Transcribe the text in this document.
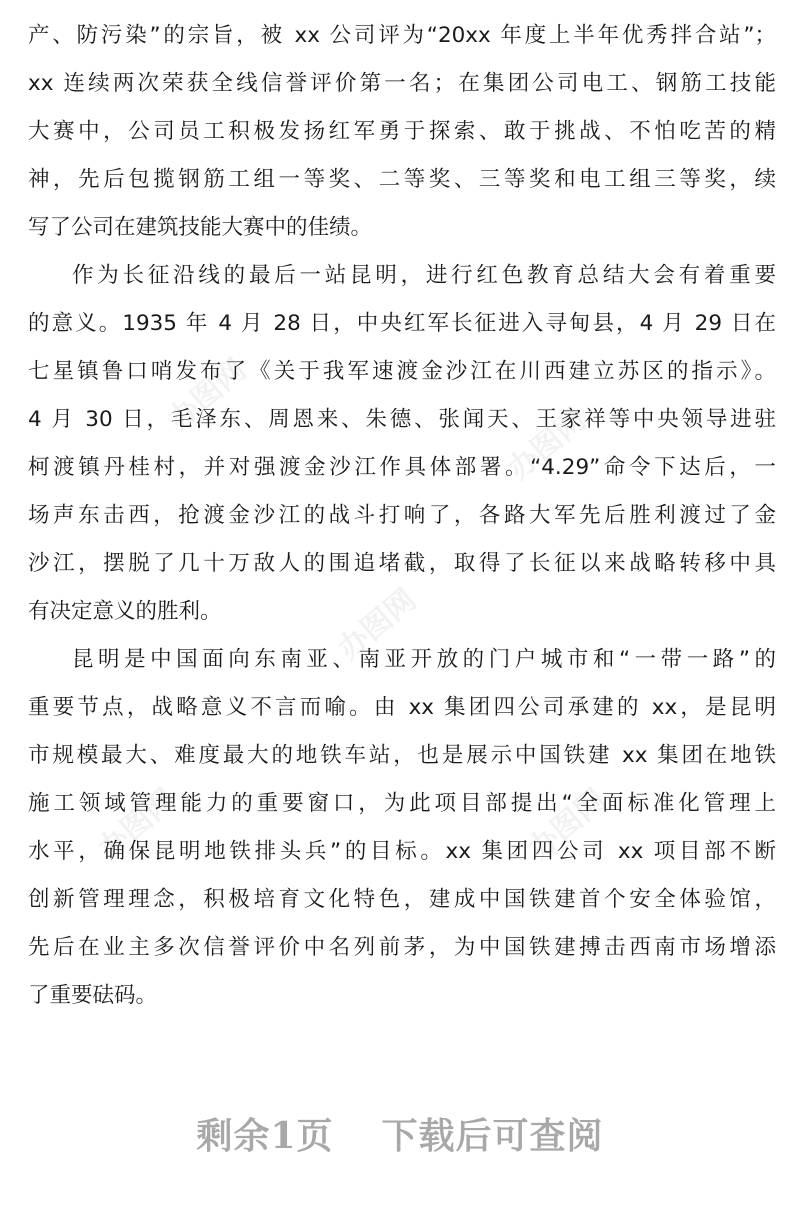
办图网
办图网
办图网
办图网	办图网
产、防污染”的宗旨，被 xx 公司评为“20xx 年度上半年优秀拌合站”；
xx 连续两次荣获全线信誉评价第一名；在集团公司电工、钢筋工技能
大赛中，公司员工积极发扬红军勇于探索、敢于挑战、不怕吃苦的精
神，先后包揽钢筋工组一等奖、二等奖、三等奖和电工组三等奖，续
写了公司在建筑技能大赛中的佳绩。
作为长征沿线的最后一站昆明，进行红色教育总结大会有着重要
的意义。1935 年 4 月 28 日，中央红军长征进入寻甸县，4 月 29 日在
七星镇鲁口哨发布了《关于我军速渡金沙江在川西建立苏区的指示》。
4 月 30 日，毛泽东、周恩来、朱德、张闻天、王家祥等中央领导进驻
柯渡镇丹桂村，并对强渡金沙江作具体部署。“4.29”命令下达后，一
场声东击西，抢渡金沙江的战斗打响了，各路大军先后胜利渡过了金
沙江，摆脱了几十万敌人的围追堵截，取得了长征以来战略转移中具
有决定意义的胜利。
昆明是中国面向东南亚、南亚开放的门户城市和“一带一路”的
重要节点，战略意义不言而喻。由 xx 集团四公司承建的 xx，是昆明
市规模最大、难度最大的地铁车站，也是展示中国铁建 xx 集团在地铁
施工领域管理能力的重要窗口，为此项目部提出“全面标准化管理上
水平，确保昆明地铁排头兵”的目标。xx 集团四公司 xx 项目部不断
创新管理理念，积极培育文化特色，建成中国铁建首个安全体验馆，
先后在业主多次信誉评价中名列前茅，为中国铁建搏击西南市场增添
了重要砝码。
剩余1页 下载后可查阅
